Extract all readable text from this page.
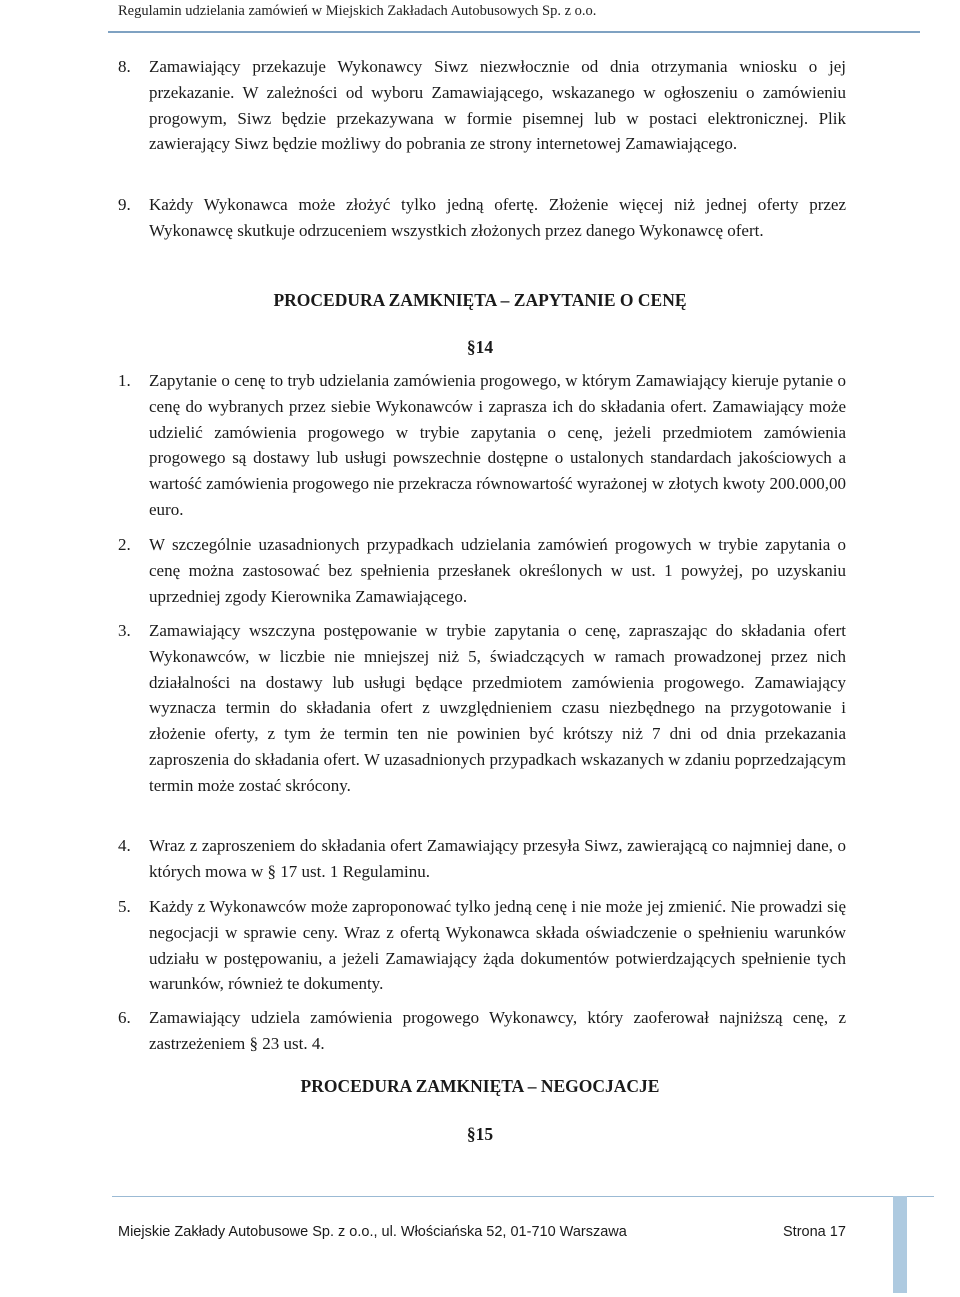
Regulamin udzielania zamówień w Miejskich Zakładach Autobusowych Sp. z o.o.
8. Zamawiający przekazuje Wykonawcy Siwz niezwłocznie od dnia otrzymania wniosku o jej przekazanie. W zależności od wyboru Zamawiającego, wskazanego w ogłoszeniu o zamówieniu progowym, Siwz będzie przekazywana w formie pisemnej lub w postaci elektronicznej. Plik zawierający Siwz będzie możliwy do pobrania ze strony internetowej Zamawiającego.
9. Każdy Wykonawca może złożyć tylko jedną ofertę. Złożenie więcej niż jednej oferty przez Wykonawcę skutkuje odrzuceniem wszystkich złożonych przez danego Wykonawcę ofert.
PROCEDURA ZAMKNIĘTA – ZAPYTANIE O CENĘ
§14
1. Zapytanie o cenę to tryb udzielania zamówienia progowego, w którym Zamawiający kieruje pytanie o cenę do wybranych przez siebie Wykonawców i zaprasza ich do składania ofert. Zamawiający może udzielić zamówienia progowego w trybie zapytania o cenę, jeżeli przedmiotem zamówienia progowego są dostawy lub usługi powszechnie dostępne o ustalonych standardach jakościowych a wartość zamówienia progowego nie przekracza równowartość wyrażonej w złotych kwoty 200.000,00 euro.
2. W szczególnie uzasadnionych przypadkach udzielania zamówień progowych w trybie zapytania o cenę można zastosować bez spełnienia przesłanek określonych w ust. 1 powyżej, po uzyskaniu uprzedniej zgody Kierownika Zamawiającego.
3. Zamawiający wszczyna postępowanie w trybie zapytania o cenę, zapraszając do składania ofert Wykonawców, w liczbie nie mniejszej niż 5, świadczących w ramach prowadzonej przez nich działalności na dostawy lub usługi będące przedmiotem zamówienia progowego. Zamawiający wyznacza termin do składania ofert z uwzględnieniem czasu niezbędnego na przygotowanie i złożenie oferty, z tym że termin ten nie powinien być krótszy niż 7 dni od dnia przekazania zaproszenia do składania ofert. W uzasadnionych przypadkach wskazanych w zdaniu poprzedzającym termin może zostać skrócony.
4. Wraz z zaproszeniem do składania ofert Zamawiający przesyła Siwz, zawierającą co najmniej dane, o których mowa w § 17 ust. 1 Regulaminu.
5. Każdy z Wykonawców może zaproponować tylko jedną cenę i nie może jej zmienić. Nie prowadzi się negocjacji w sprawie ceny. Wraz z ofertą Wykonawca składa oświadczenie o spełnieniu warunków udziału w postępowaniu, a jeżeli Zamawiający żąda dokumentów potwierdzających spełnienie tych warunków, również te dokumenty.
6. Zamawiający udziela zamówienia progowego Wykonawcy, który zaoferował najniższą cenę, z zastrzeżeniem § 23 ust. 4.
PROCEDURA ZAMKNIĘTA – NEGOCJACJE
§15
Miejskie Zakłady Autobusowe Sp. z o.o., ul. Włościańska 52, 01-710 Warszawa	Strona 17
